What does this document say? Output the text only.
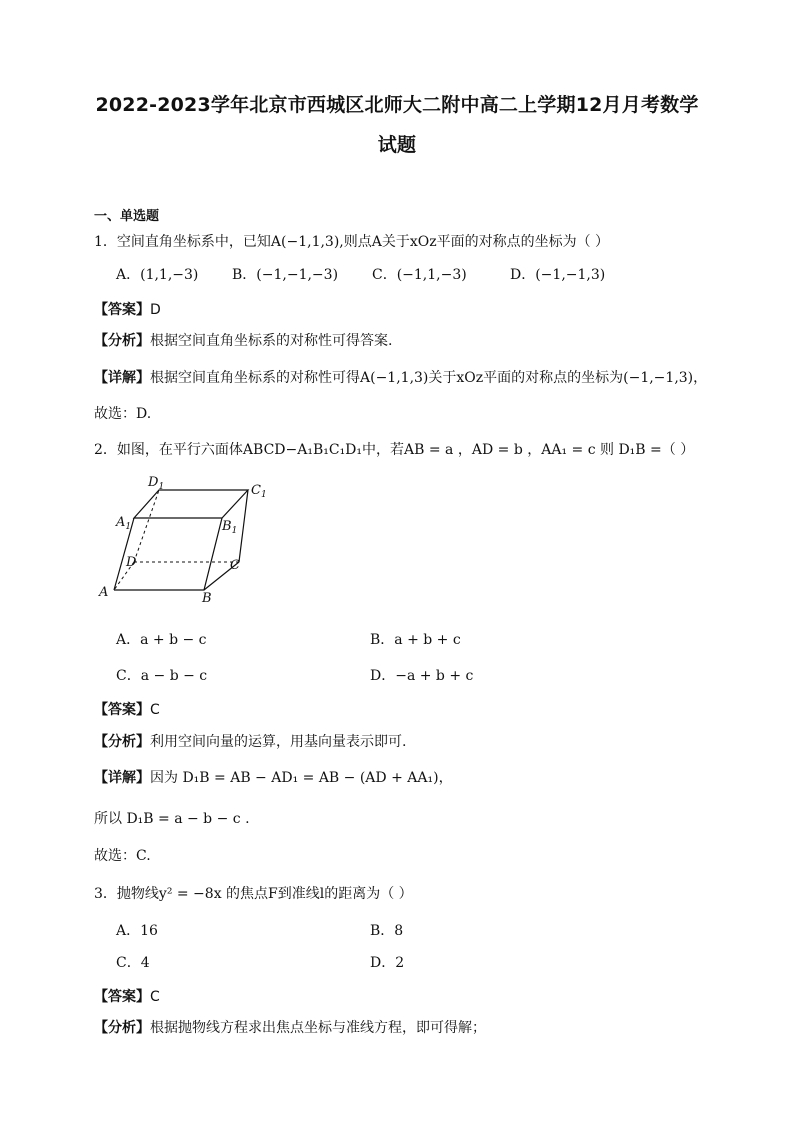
2022-2023学年北京市西城区北师大二附中高二上学期12月月考数学
试题
一、单选题
1．空间直角坐标系中，已知A(−1,1,3),则点A关于xOz平面的对称点的坐标为（ ）
A．(1,1,−3) B．(−1,−1,−3) C．(−1,1,−3)	D．(−1,−1,3)
【答案】D
【分析】根据空间直角坐标系的对称性可得答案.
【详解】根据空间直角坐标系的对称性可得A(−1,1,3)关于xOz平面的对称点的坐标为(−1,−1,3)，
故选：D.
2．如图，在平行六面体ABCD−A₁B₁C₁D₁中，若AB = a ，AD = b ，AA₁ = c 则 D₁B =（ ）
A	B
C
D
$A_1$	$B_1$
$C_1$
$D_1$
A．a + b − c	B．a + b + c
C．a − b − c	D．−a + b + c
【答案】C
【分析】利用空间向量的运算，用基向量表示即可.
【详解】因为 D₁B = AB − AD₁ = AB − (AD + AA₁)，
所以 D₁B = a − b − c .
故选：C.
3．抛物线y² = −8x 的焦点F到准线l的距离为（ ）
A．16	B．8
C．4	D．2
【答案】C
【分析】根据抛物线方程求出焦点坐标与准线方程，即可得解；
